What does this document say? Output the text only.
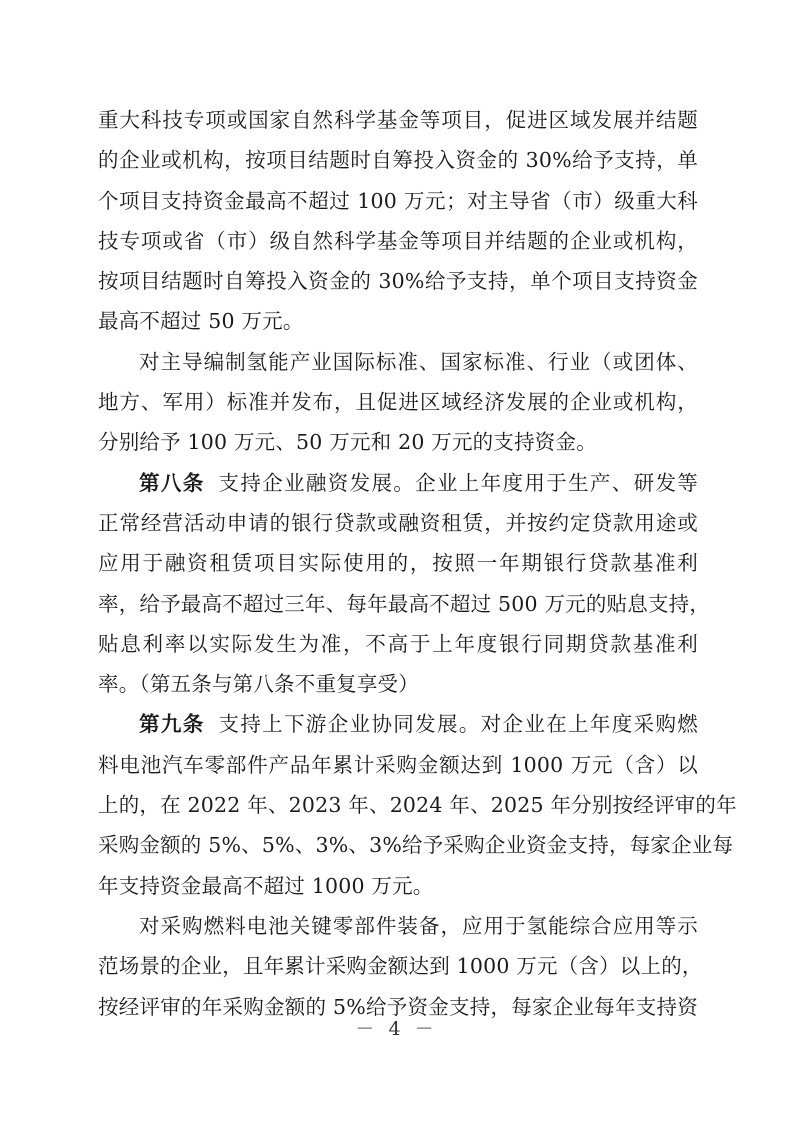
重大科技专项或国家自然科学基金等项目，促进区域发展并结题
的企业或机构，按项目结题时自筹投入资金的 30%给予支持，单
个项目支持资金最高不超过 100 万元；对主导省（市）级重大科
技专项或省（市）级自然科学基金等项目并结题的企业或机构，
按项目结题时自筹投入资金的 30%给予支持，单个项目支持资金
最高不超过 50 万元。
对主导编制氢能产业国际标准、国家标准、行业（或团体、
地方、军用）标准并发布，且促进区域经济发展的企业或机构，
分别给予 100 万元、50 万元和 20 万元的支持资金。
第八条 支持企业融资发展。企业上年度用于生产、研发等
正常经营活动申请的银行贷款或融资租赁，并按约定贷款用途或
应用于融资租赁项目实际使用的，按照一年期银行贷款基准利
率，给予最高不超过三年、每年最高不超过 500 万元的贴息支持，
贴息利率以实际发生为准，不高于上年度银行同期贷款基准利
率。（第五条与第八条不重复享受）
第九条 支持上下游企业协同发展。对企业在上年度采购燃
料电池汽车零部件产品年累计采购金额达到 1000 万元（含）以
上的，在 2022 年、2023 年、2024 年、2025 年分别按经评审的年
采购金额的 5%、5%、3%、3%给予采购企业资金支持，每家企业每
年支持资金最高不超过 1000 万元。
对采购燃料电池关键零部件装备，应用于氢能综合应用等示
范场景的企业，且年累计采购金额达到 1000 万元（含）以上的，
按经评审的年采购金额的 5%给予资金支持，每家企业每年支持资
－ 4 －
